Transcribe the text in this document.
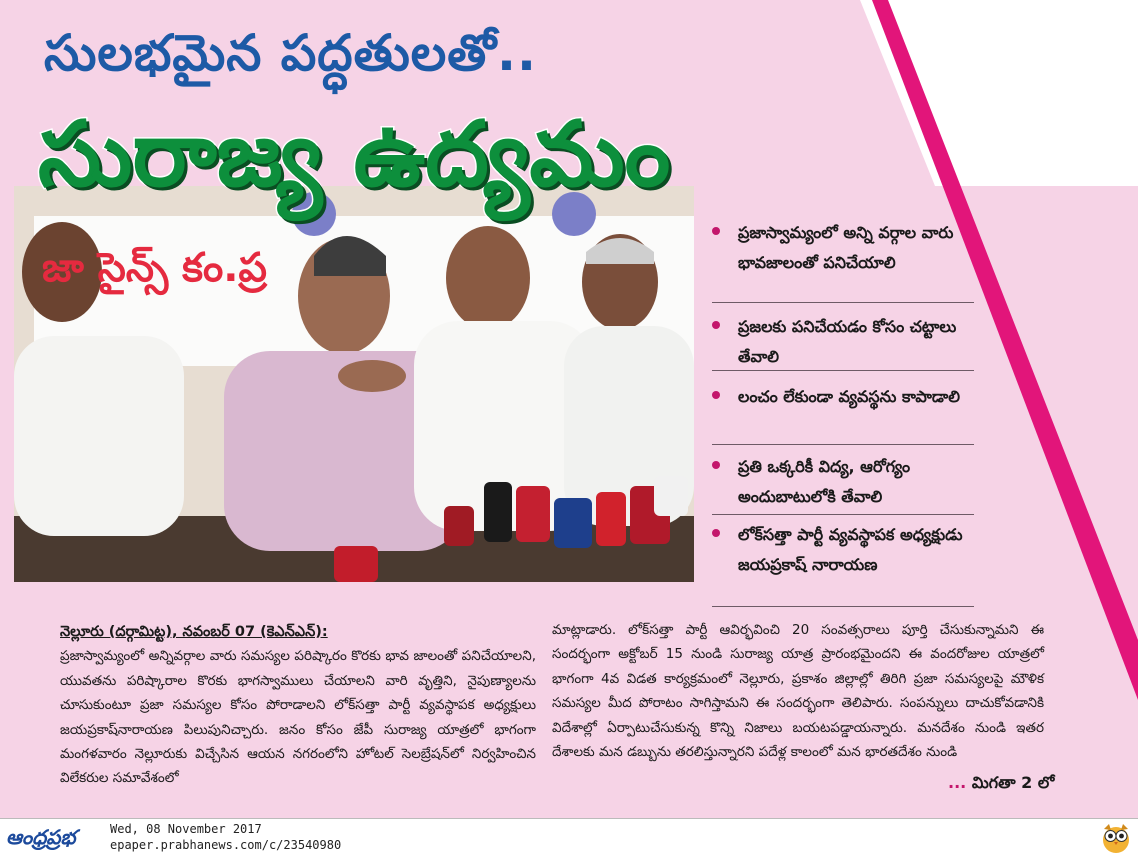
సులభమైన పద్ధతులతో..
జా సైన్స్ కం.ప్ర
సురాజ్య ఉద్యమం
ప్రజాస్వామ్యంలో అన్ని వర్గాల వారు భావజాలంతో పనిచేయాలి
ప్రజలకు పనిచేయడం కోసం చట్టాలు తేవాలి
లంచం లేకుండా వ్యవస్థను కాపాడాలి
ప్రతి ఒక్కరికీ విద్య, ఆరోగ్యం అందుబాటులోకి తేవాలి
లోక్‌సత్తా పార్టీ వ్యవస్థాపక అధ్యక్షుడు జయప్రకాష్ నారాయణ
నెల్లూరు (దర్గామిట్ట), నవంబర్ 07 (కెఎన్ఎన్):
ప్రజాస్వామ్యంలో అన్నివర్గాల వారు సమస్యల పరిష్కారం కొరకు భావ జాలంతో పనిచేయాలని, యువతను పరిష్కారాల కొరకు భాగస్వాములు చేయాలని వారి వృత్తిని, నైపుణ్యాలను చూసుకుంటూ ప్రజా సమస్యల కోసం పోరాడాలని లోక్‌సత్తా పార్టీ వ్యవస్థాపక అధ్యక్షులు జయప్రకాష్‌నారాయణ పిలుపునిచ్చారు. జనం కోసం జేపీ సురాజ్య యాత్రలో భాగంగా మంగళవారం నెల్లూరుకు విచ్చేసిన ఆయన నగరంలోని హోటల్ సెలబ్రేషన్‌లో నిర్వహించిన విలేకరుల సమావేశంలో
మాట్లాడారు. లోక్‌సత్తా పార్టీ ఆవిర్భవించి 20 సంవత్సరాలు పూర్తి చేసుకున్నామని ఈ సందర్భంగా అక్టోబర్ 15 నుండి సురాజ్య యాత్ర ప్రారంభమైందని ఈ వందరోజుల యాత్రలో భాగంగా 4వ విడత కార్యక్రమంలో నెల్లూరు, ప్రకాశం జిల్లాల్లో తిరిగి ప్రజా సమస్యలపై మౌళిక సమస్యల మీద పోరాటం సాగిస్తామని ఈ సందర్భంగా తెలిపారు. సంపన్నులు దాచుకోవడానికి విదేశాల్లో ఏర్పాటుచేసుకున్న కొన్ని నిజాలు బయటపడ్డాయన్నారు. మనదేశం నుండి ఇతర దేశాలకు మన డబ్బును తరలిస్తున్నారని పదేళ్ల కాలంలో మన భారతదేశం నుండి
... మిగతా 2 లో
ఆంధ్రప్రభ	Wed, 08 November 2017
epaper.prabhanews.com/c/23540980
